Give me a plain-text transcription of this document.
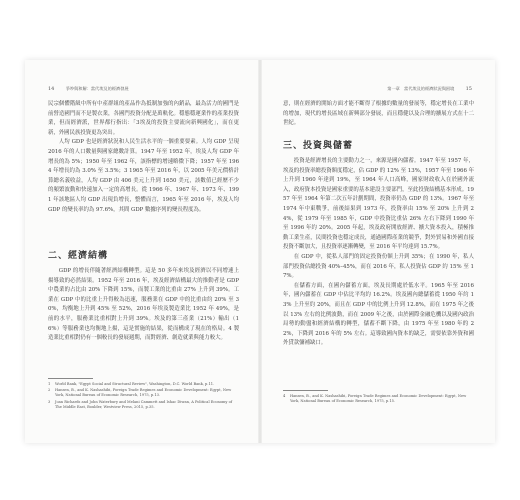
14	爭吵與和解：當代埃及的經濟發展

民宗個體階級中所有中產群組的產品作為抵制加強的內銷品，最為活力的國門是前營造國門而不是製衣業，各國門投資分配是萬軌化。穩態穩運業作的產業投資業，但而經濟派，世界都行指出：「3埃及的投資主要流向新興國化」，而在更新，外國民族投資更為突出。

人均 GDP 也是經濟狀況和人民生活水平的一個重要要素。人均 GDP 呈現 2016 年的人口數量與國家總數計算。1947 年至 1952 年，埃及人均 GDP 年增長的為 5%；1950 年至 1962 年，該指標的增速略微下降；1957 年至 1964 年增長約為 3.0% 至 3.5%；3 1965 年至 2016 年，以 2005 年美元價格計算總名義收益，人均 GDP 由 406 美元上升到 1650 美元，該數值已經歷不少的頻繁波動和快速加入一定的高增長。從 1966 年、1967 年、1973 年、1991 年該地區人均 GDP 出現負增長，整體而言，1965 年至 2016 年，埃及人均 GDP 的變長率約為 97.6%，其間 GDP 數據序列的變長程度為。

二、經濟結構

GDP 的增長伴隨著經濟結構轉型。這是 50 多年來埃及經濟以不同增速上揚導致的必然結果。1952 年至 2016 年，埃及經濟結構最大的推動者是 GDP 中農業的占比由 20% 下降到 15%，而製工業的比重由 27% 上升到 39%。工業在 GDP 中的比重上升得較為迅速，服務業在 GDP 中的比重由約 20% 至 30%，均衡地上升到 45% 至 52%，2016 年埃及製造業比 1952 年 49%，是前的水平，服務業比重相對上升到 39%。埃及的第三產業（21%）輸出（16%）等服務業也均衡地上揚，這是實施的結果，從而構成了現在的格局。4 製造業比重相對仍有一個較長的發展週期，而對經濟、創造就業與能力較大。

1	World Bank, "Egypt Social and Structural Review", Washington, D.C. World Bank, p.11.
2	Hansen, B., and K. Nashashibi, Foreign Trade Regimes and Economic Development: Egypt, New York, National Bureau of Economic Research, 1975, p.13.
3	Joan Richards and John Waterbury and Melani Cammett and Ishac Diwan, A Political Economy of The Middle East, Boulder, Westview Press, 2015, p.35.
第一章　當代埃及的經濟狀況與困境 15

意，則在經濟的開始方面才能不斷得了根據約數量的發展等，穩定增長在工業中的增加，現代的增長區域在新興部分發展，而且穩健以及合理的擴展方式在十二世紀。

三、投資與儲蓄

投資是經濟增長的主要動力之一，來源是國內儲蓄。1947 年至 1957 年，埃及的投資率總投資額度穩定，佔 GDP 的 12% 至 13%，1957 年至 1966 年上升到 1960 年達到 19%，至 1964 年人口高峰，國家財政收入在於國外流入，政府資本投資是國家重要的基本建設主要部門，至此投資結構基本形成。1957 年至 1964 年第二次五年計劃期間，投資率仍為 GDP 的 13%。1967 年至 1974 年中東戰爭，前後結果到 1973 年，投資率由 15% 至 20% 上升到 24%，從 1979 年至 1985 年，GDP 中投資比重佔 26% 左右下降到 1990 年至 1996 年約 20%。2005 年起，埃及政府開放經濟、擴大資本投入，積極推動工業生產，民間投資也穩定成長，通過國際產業的競爭，對外貿易和外國直接投資不斷加大，且投資率逐漸轉變，至 2016 年平均達到 15.7%。

在 GDP 中，從私人部門的固定投資份額上升到 35%；在 1990 年，私人部門投資佔總投資 40%–45%，而在 2016 年，私人投資佔 GDP 約 15% 至 17%。

在儲蓄方面，在國內儲蓄方面，埃及長期處於低水平。1965 年至 2016 年，國內儲蓄在 GDP 中佔比平均約 16.2%。埃及國內總儲蓄從 1950 年約 13% 上升至約 20%，而且在 GDP 中的比例上升到 12.8%，而在 1975 年之後以 13% 左右的比例波動，而在 2009 年之後，由於國際金融危機以及國內政治局勢的動盪和經濟結構的轉型，儲蓄不斷下降，由 1975 年至 1980 年的 22%，下降到 2016 年的 5% 左右。這導致國內資本的缺乏，需要依靠外資和國外貸款彌補缺口。

4	Hansen, B., and K. Nashashibi, Foreign Trade Regimes and Economic Development: Egypt, New York, National Bureau of Economic Research, 1975, p.15.
